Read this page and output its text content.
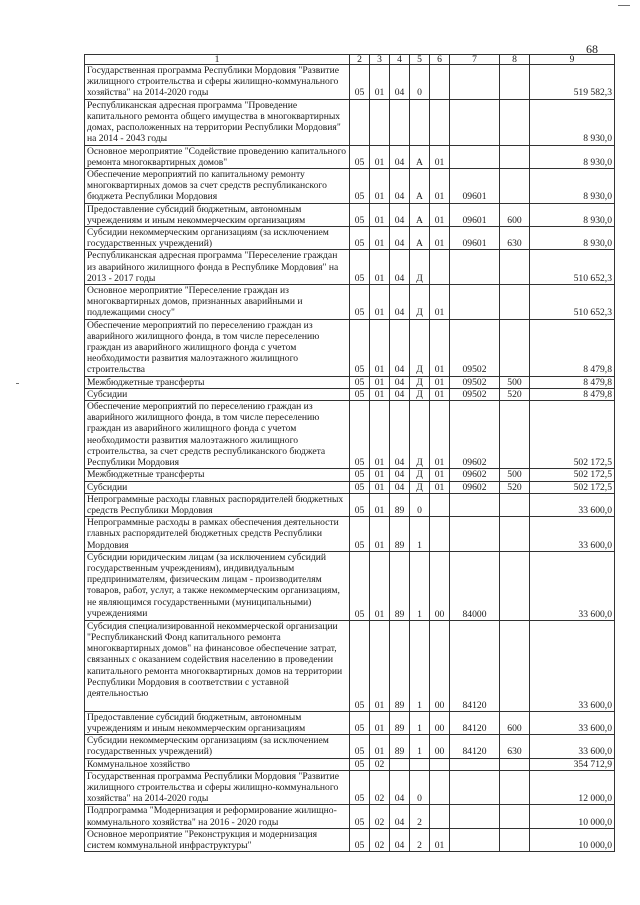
68
1	2	3	4	5	6	7	8	9
Государственная программа Республики Мордовия "Развитие жилищного строительства и сферы жилищно-коммунального хозяйства" на 2014-2020 годы	05	01	04	0				519 582,3
Республиканская адресная программа "Проведение капитального ремонта общего имущества в многоквартирных домах, расположенных на территории Республики Мордовия" на 2014 - 2043 годы								8 930,0
Основное мероприятие "Содействие проведению капитального ремонта многоквартирных домов"	05	01	04	А	01			8 930,0
Обеспечение мероприятий по капитальному ремонту многоквартирных домов за счет средств республиканского бюджета Республики Мордовия	05	01	04	А	01	09601		8 930,0
Предоставление субсидий бюджетным, автономным учреждениям и иным некоммерческим организациям	05	01	04	А	01	09601	600	8 930,0
Субсидии некоммерческим организациям (за исключением государственных учреждений)	05	01	04	А	01	09601	630	8 930,0
Республиканская адресная программа "Переселение граждан из аварийного жилищного фонда в Республике Мордовия" на 2013 - 2017 годы	05	01	04	Д				510 652,3
Основное мероприятие "Переселение граждан из многоквартирных домов, признанных аварийными и подлежащими сносу"	05	01	04	Д	01			510 652,3
Обеспечение мероприятий по переселению граждан из аварийного жилищного фонда, в том числе переселению граждан из аварийного жилищного фонда с учетом необходимости развития малоэтажного жилищного строительства	05	01	04	Д	01	09502		8 479,8
Межбюджетные трансферты	05	01	04	Д	01	09502	500	8 479,8
Субсидии	05	01	04	Д	01	09502	520	8 479,8
Обеспечение мероприятий по переселению граждан из аварийного жилищного фонда, в том числе переселению граждан из аварийного жилищного фонда с учетом необходимости развития малоэтажного жилищного строительства, за счет средств республиканского бюджета Республики Мордовия	05	01	04	Д	01	09602		502 172,5
Межбюджетные трансферты	05	01	04	Д	01	09602	500	502 172,5
Субсидии	05	01	04	Д	01	09602	520	502 172,5
Непрограммные расходы главных распорядителей бюджетных средств Республики Мордовия	05	01	89	0				33 600,0
Непрограммные расходы в рамках обеспечения деятельности главных распорядителей бюджетных средств Республики Мордовия	05	01	89	1				33 600,0
Субсидии юридическим лицам (за исключением субсидий государственным учреждениям), индивидуальным предпринимателям, физическим лицам - производителям товаров, работ, услуг, а также некоммерческим организациям, не являющимся государственными (муниципальными) учреждениями	05	01	89	1	00	84000		33 600,0
Субсидия специализированной некоммерческой организации "Республиканский Фонд капитального ремонта многоквартирных домов" на финансовое обеспечение затрат, связанных с оказанием содействия населению в проведении капитального ремонта многоквартирных домов на территории Республики Мордовия в соответствии с уставной деятельностью	05	01	89	1	00	84120		33 600,0
Предоставление субсидий бюджетным, автономным учреждениям и иным некоммерческим организациям	05	01	89	1	00	84120	600	33 600,0
Субсидии некоммерческим организациям (за исключением государственных учреждений)	05	01	89	1	00	84120	630	33 600,0
Коммунальное хозяйство	05	02						354 712,9
Государственная программа Республики Мордовия "Развитие жилищного строительства и сферы жилищно-коммунального хозяйства" на 2014-2020 годы	05	02	04	0				12 000,0
Подпрограмма "Модернизация и реформирование жилищно-коммунального хозяйства" на 2016 - 2020 годы	05	02	04	2				10 000,0
Основное мероприятие "Реконструкция и модернизация систем коммунальной инфраструктуры"	05	02	04	2	01			10 000,0
